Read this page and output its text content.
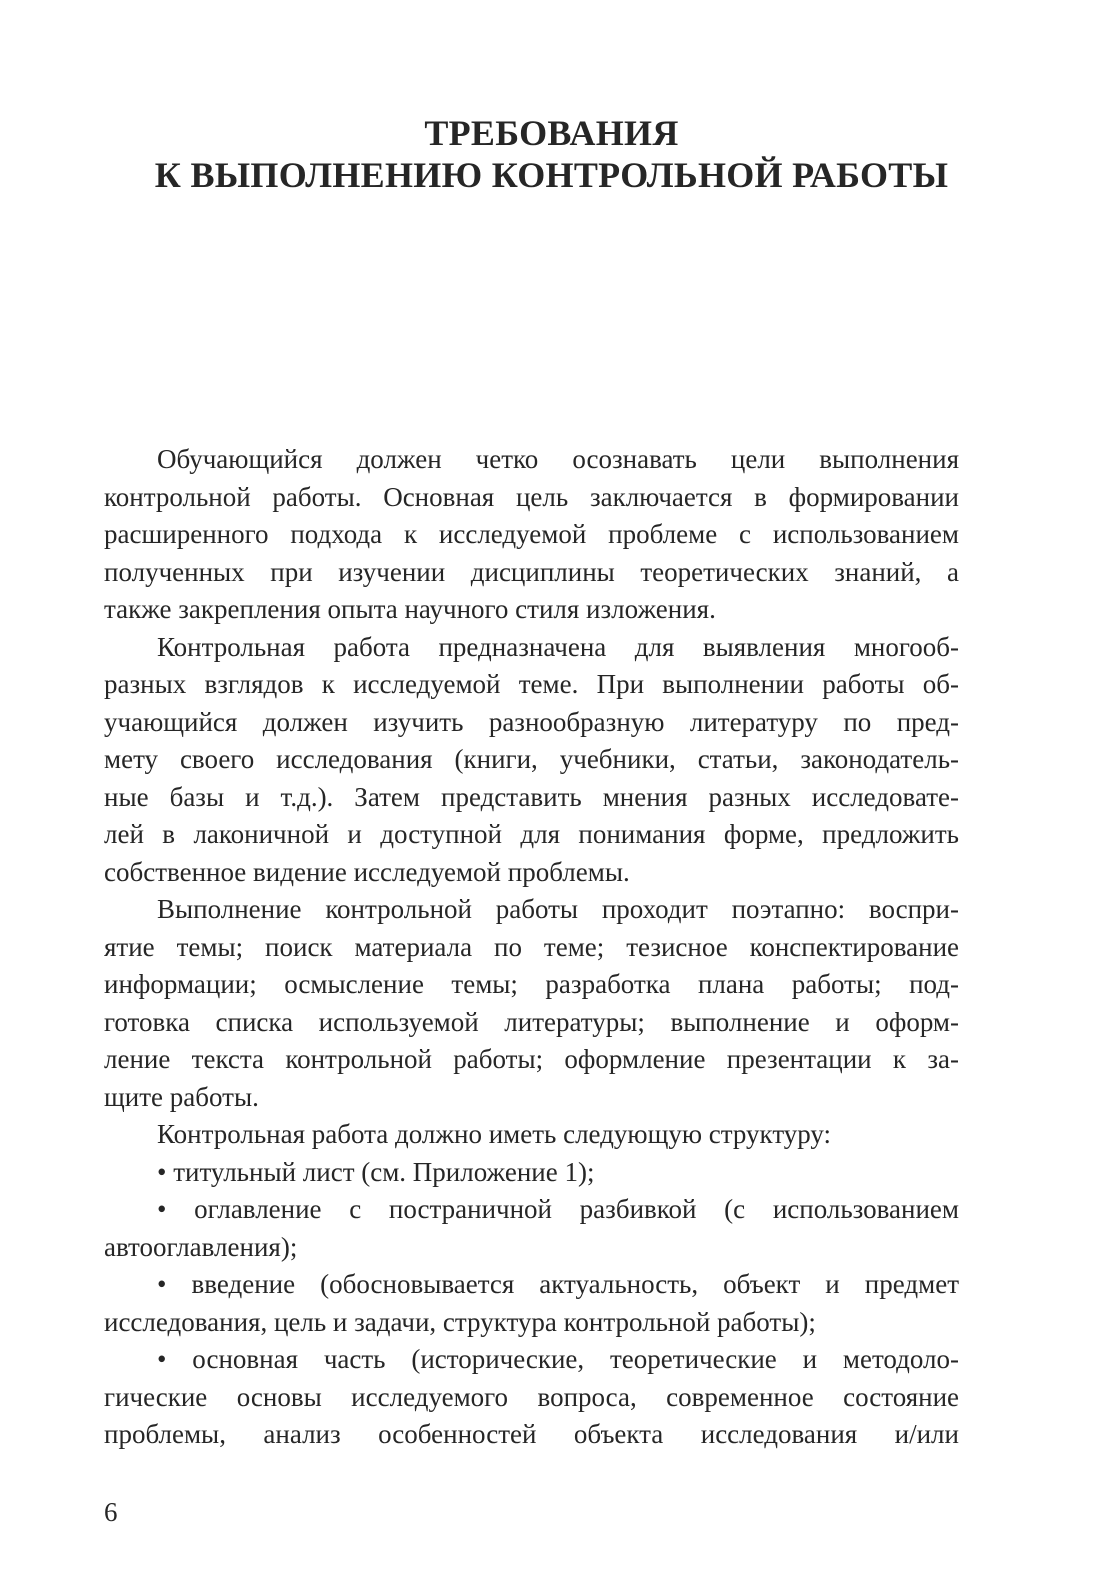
ТРЕБОВАНИЯ
К ВЫПОЛНЕНИЮ КОНТРОЛЬНОЙ РАБОТЫ
Обучающийся должен четко осознавать цели выполнения
контрольной работы. Основная цель заключается в формировании
расширенного подхода к исследуемой проблеме с использованием
полученных при изучении дисциплины теоретических знаний, а
также закрепления опыта научного стиля изложения.
Контрольная работа предназначена для выявления многооб-
разных взглядов к исследуемой теме. При выполнении работы об-
учающийся должен изучить разнообразную литературу по пред-
мету своего исследования (книги, учебники, статьи, законодатель-
ные базы и т.д.). Затем представить мнения разных исследовате-
лей в лаконичной и доступной для понимания форме, предложить
собственное видение исследуемой проблемы.
Выполнение контрольной работы проходит поэтапно: воспри-
ятие темы; поиск материала по теме; тезисное конспектирование
информации; осмысление темы; разработка плана работы; под-
готовка списка используемой литературы; выполнение и оформ-
ление текста контрольной работы; оформление презентации к за-
щите работы.
Контрольная работа должно иметь следующую структуру:
• титульный лист (см. Приложение 1);
• оглавление с постраничной разбивкой (с использованием
автооглавления);
• введение (обосновывается актуальность, объект и предмет
исследования, цель и задачи, структура контрольной работы);
• основная часть (исторические, теоретические и методоло-
гические основы исследуемого вопроса, современное состояние
проблемы, анализ особенностей объекта исследования и/или
6
